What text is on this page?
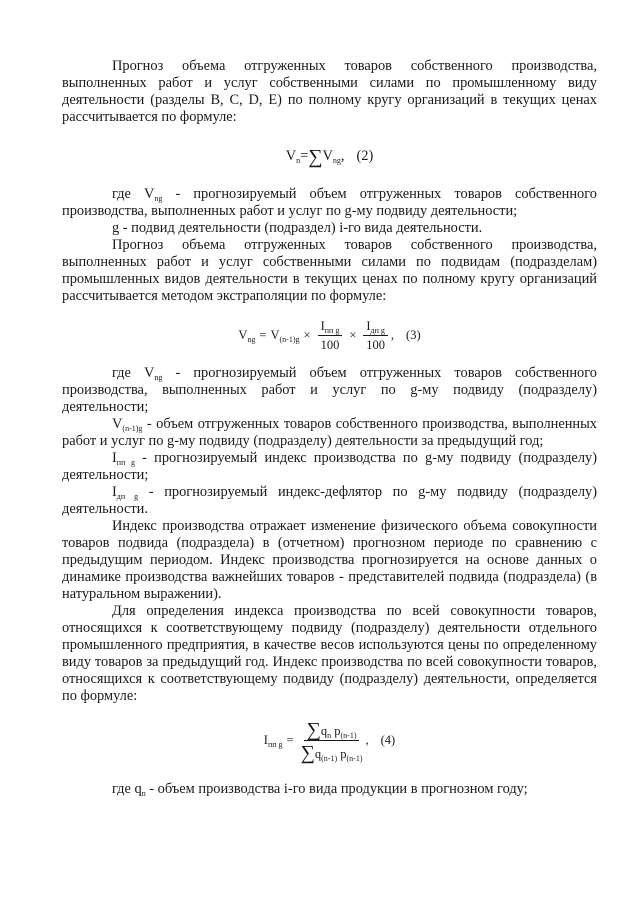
Прогноз объема отгруженных товаров собственного производства, выполненных работ и услуг собственными силами по промышленному виду деятельности (разделы В, С, D, Е) по полному кругу организаций в текущих ценах рассчитывается по формуле:

$V_n$ = ∑ $V_{ng}$ , (2)

где $V_{ng}$ - прогнозируемый объем отгруженных товаров собственного производства, выполненных работ и услуг по g-му подвиду деятельности;

g - подвид деятельности (подраздел) i-го вида деятельности.

Прогноз объема отгруженных товаров собственного производства, выполненных работ и услуг собственными силами по подвидам (подразделам) промышленных видов деятельности в текущих ценах по полному кругу организаций рассчитывается методом экстраполяции по формуле:

$V_{ng} = V_{(n-1)g} \times \frac{I_{пп g}}{100} \times \frac{I_{дп g}}{100}$ , (3)

где $V_{ng}$ - прогнозируемый объем отгруженных товаров собственного производства, выполненных работ и услуг по g-му подвиду (подразделу) деятельности;

$V_{(n-1)g}$ - объем отгруженных товаров собственного производства, выполненных работ и услуг по g-му подвиду (подразделу) деятельности за предыдущий год;

$I_{пп g}$ - прогнозируемый индекс производства по g-му подвиду (подразделу) деятельности;

$I_{дп g}$ - прогнозируемый индекс-дефлятор по g-му подвиду (подразделу) деятельности.

Индекс производства отражает изменение физического объема совокупности товаров подвида (подраздела) в (отчетном) прогнозном периоде по сравнению с предыдущим периодом. Индекс производства прогнозируется на основе данных о динамике производства важнейших товаров - представителей подвида (подраздела) (в натуральном выражении).

Для определения индекса производства по всей совокупности товаров, относящихся к соответствующему подвиду (подразделу) деятельности отдельного промышленного предприятия, в качестве весов используются цены по определенному виду товаров за предыдущий год. Индекс производства по всей совокупности товаров, относящихся к соответствующему подвиду (подразделу) деятельности, определяется по формуле:

$I_{пп g} = \frac{\sum q_n p_{(n-1)}}{\sum q_{(n-1)} p_{(n-1)}}$ , (4)

где $q_n$ - объем производства i-го вида продукции в прогнозном году;
